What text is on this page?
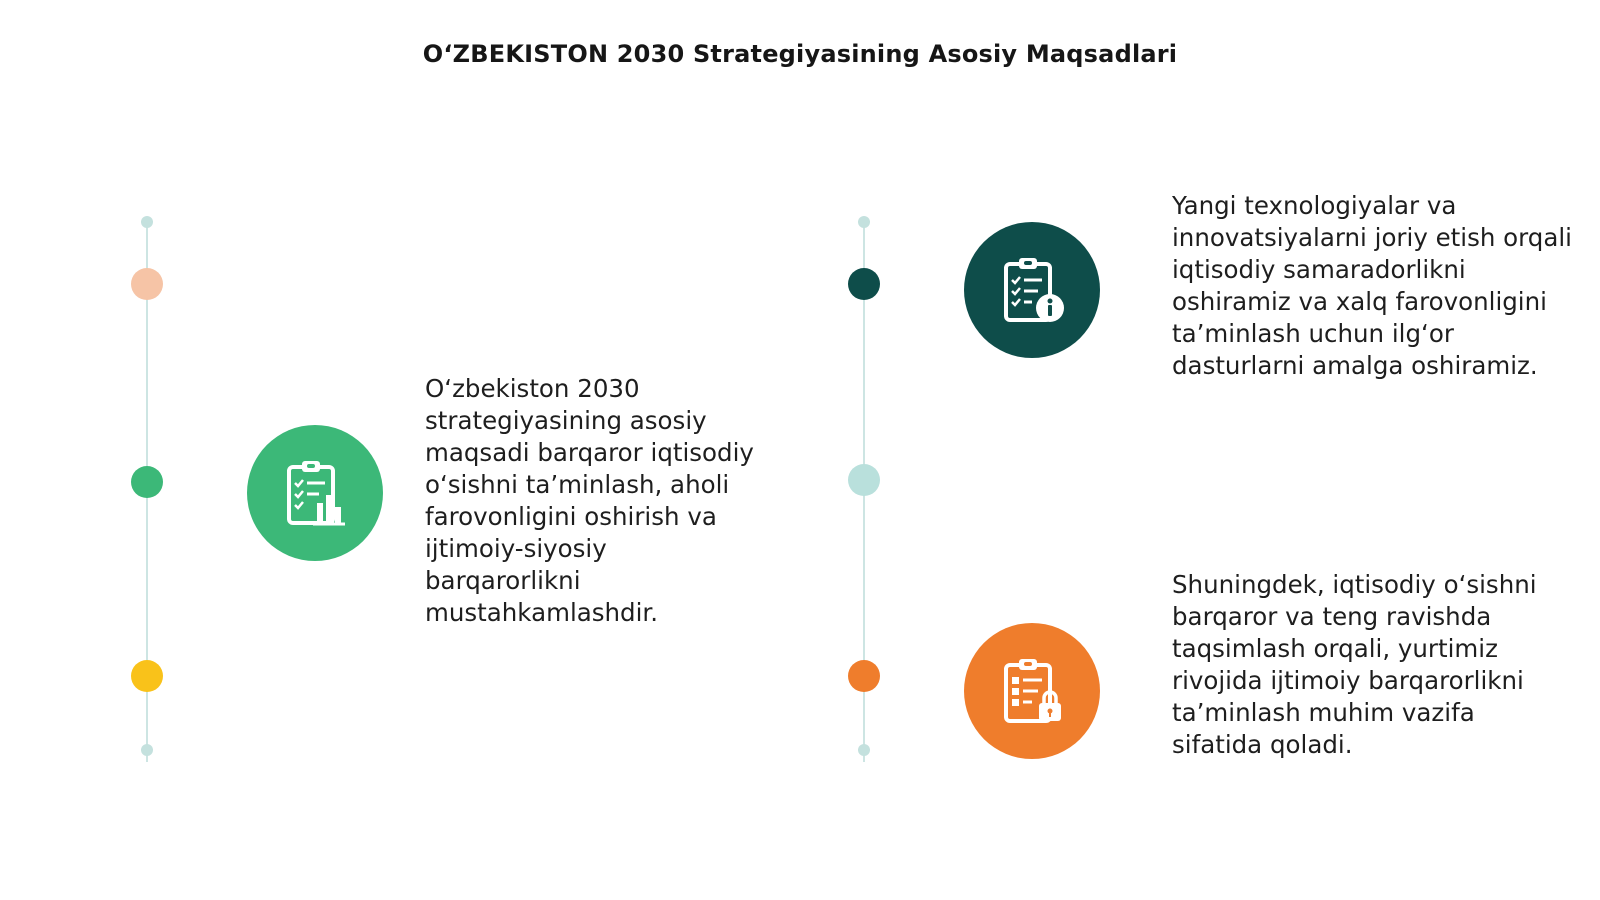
O‘ZBEKISTON 2030 Strategiyasining Asosiy Maqsadlari
O‘zbekiston 2030 strategiyasining asosiy maqsadi barqaror iqtisodiy o‘sishni ta’minlash, aholi farovonligini oshirish va ijtimoiy-siyosiy barqarorlikni mustahkamlashdir.
Yangi texnologiyalar va innovatsiyalarni joriy etish orqali iqtisodiy samaradorlikni oshiramiz va xalq farovonligini ta’minlash uchun ilg‘or dasturlarni amalga oshiramiz.
Shuningdek, iqtisodiy o‘sishni barqaror va teng ravishda taqsimlash orqali, yurtimiz rivojida ijtimoiy barqarorlikni ta’minlash muhim vazifa sifatida qoladi.
